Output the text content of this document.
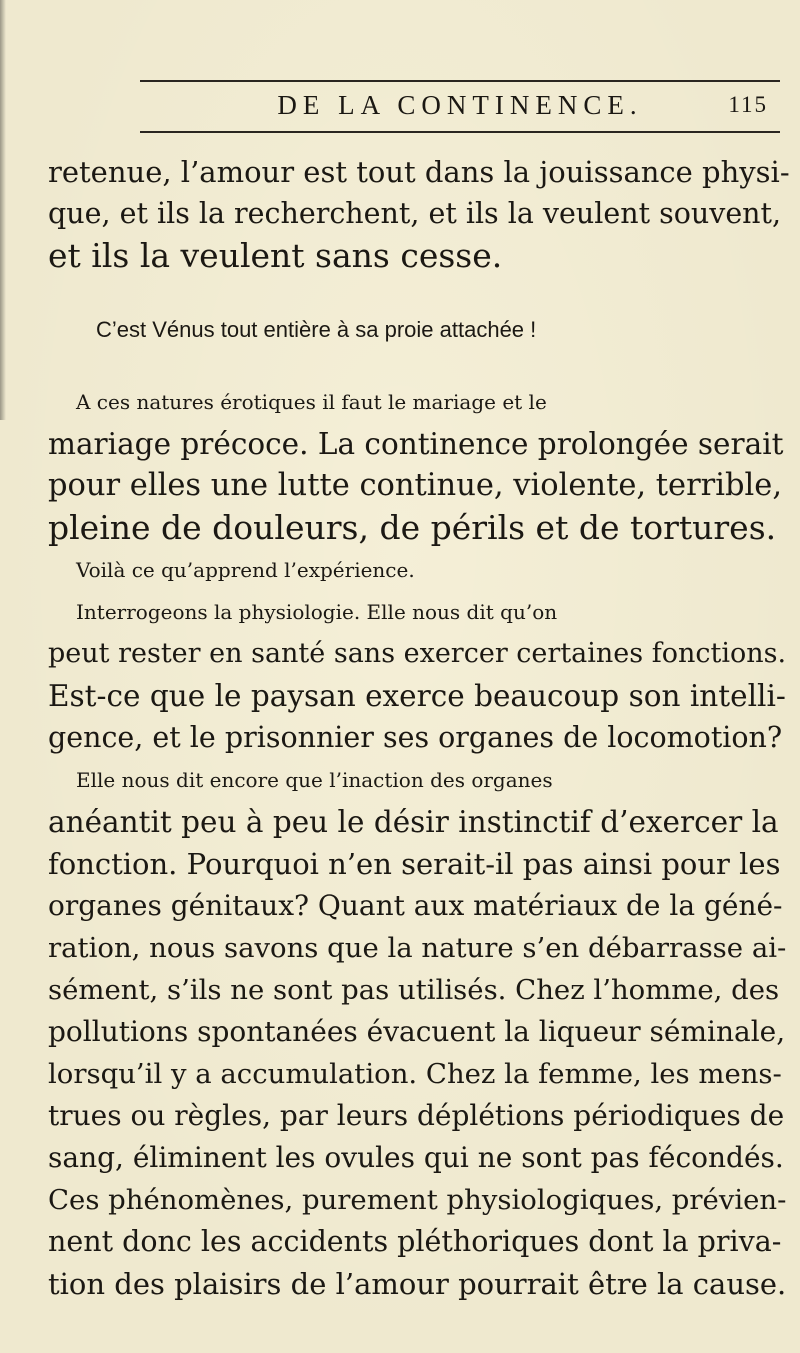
DE LA CONTINENCE.	115
retenue, l’amour est tout dans la jouissance physi-
que, et ils la recherchent, et ils la veulent souvent,
et ils la veulent sans cesse.
C’est Vénus tout entière à sa proie attachée !
A ces natures érotiques il faut le mariage et le
mariage précoce. La continence prolongée serait
pour elles une lutte continue, violente, terrible,
pleine de douleurs, de périls et de tortures.
Voilà ce qu’apprend l’expérience.
Interrogeons la physiologie. Elle nous dit qu’on
peut rester en santé sans exercer certaines fonctions.
Est-ce que le paysan exerce beaucoup son intelli-
gence, et le prisonnier ses organes de locomotion?
Elle nous dit encore que l’inaction des organes
anéantit peu à peu le désir instinctif d’exercer la
fonction. Pourquoi n’en serait-il pas ainsi pour les
organes génitaux? Quant aux matériaux de la géné-
ration, nous savons que la nature s’en débarrasse ai-
sément, s’ils ne sont pas utilisés. Chez l’homme, des
pollutions spontanées évacuent la liqueur séminale,
lorsqu’il y a accumulation. Chez la femme, les mens-
trues ou règles, par leurs déplétions périodiques de
sang, éliminent les ovules qui ne sont pas fécondés.
Ces phénomènes, purement physiologiques, prévien-
nent donc les accidents pléthoriques dont la priva-
tion des plaisirs de l’amour pourrait être la cause.
